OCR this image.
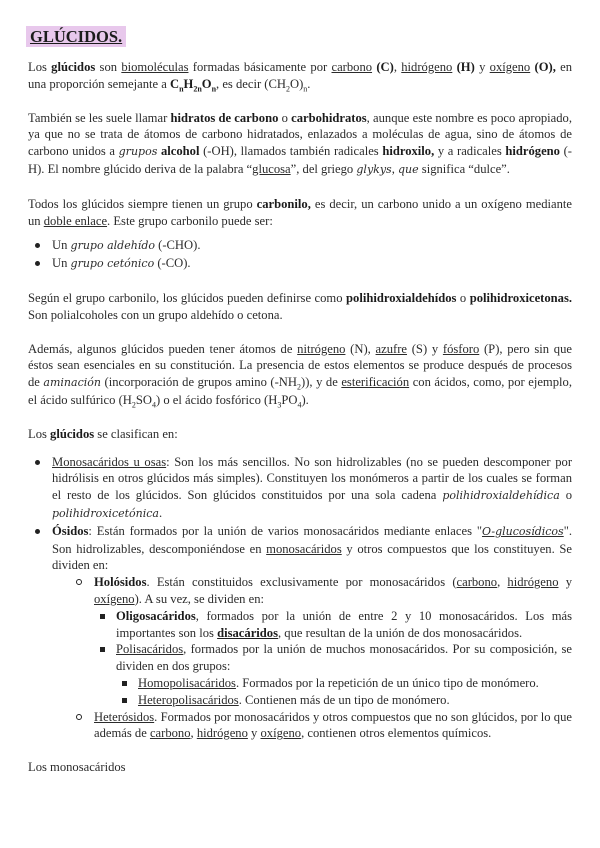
GLÚCIDOS.

Los glúcidos son biomoléculas formadas básicamente por carbono (C), hidrógeno (H) y oxígeno (O), en una proporción semejante a $C_nH_{2n}O_n$, es decir $(CH_2O)_n$.

También se les suele llamar hidratos de carbono o carbohidratos, aunque este nombre es poco apropiado, ya que no se trata de átomos de carbono hidratados, enlazados a moléculas de agua, sino de átomos de carbono unidos a grupos alcohol (-OH), llamados también radicales hidroxilo, y a radicales hidrógeno (-H). El nombre glúcido deriva de la palabra “glucosa”, del griego glykys, que significa “dulce”.

Todos los glúcidos siempre tienen un grupo carbonilo, es decir, un carbono unido a un oxígeno mediante un doble enlace. Este grupo carbonilo puede ser:

Un grupo aldehído (-CHO).
Un grupo cetónico (-CO).

Según el grupo carbonilo, los glúcidos pueden definirse como polihidroxialdehídos o polihidroxicetonas. Son polialcoholes con un grupo aldehído o cetona.

Además, algunos glúcidos pueden tener átomos de nitrógeno (N), azufre (S) y fósforo (P), pero sin que éstos sean esenciales en su constitución. La presencia de estos elementos se produce después de procesos de aminación (incorporación de grupos amino $(-NH_2)$), y de esterificación con ácidos, como, por ejemplo, el ácido sulfúrico $(H_2SO_4)$ o el ácido fosfórico $(H_3PO_4)$.

Los glúcidos se clasifican en:

Monosacáridos u osas: Son los más sencillos. No son hidrolizables (no se pueden descomponer por hidrólisis en otros glúcidos más simples). Constituyen los monómeros a partir de los cuales se forman el resto de los glúcidos. Son glúcidos constituidos por una sola cadena polihidroxialdehídica o polihidroxicetónica.
Ósidos: Están formados por la unión de varios monosacáridos mediante enlaces "O-glucosídicos". Son hidrolizables, descomponiéndose en monosacáridos y otros compuestos que los constituyen. Se dividen en:
Holósidos. Están constituidos exclusivamente por monosacáridos (carbono, hidrógeno y oxígeno). A su vez, se dividen en:
Oligosacáridos, formados por la unión de entre 2 y 10 monosacáridos. Los más importantes son los disacáridos, que resultan de la unión de dos monosacáridos.
Polisacáridos, formados por la unión de muchos monosacáridos. Por su composición, se dividen en dos grupos:
Homopolisacáridos. Formados por la repetición de un único tipo de monómero.
Heteropolisacáridos. Contienen más de un tipo de monómero.
Heterósidos. Formados por monosacáridos y otros compuestos que no son glúcidos, por lo que además de carbono, hidrógeno y oxígeno, contienen otros elementos químicos.

Los monosacáridos
